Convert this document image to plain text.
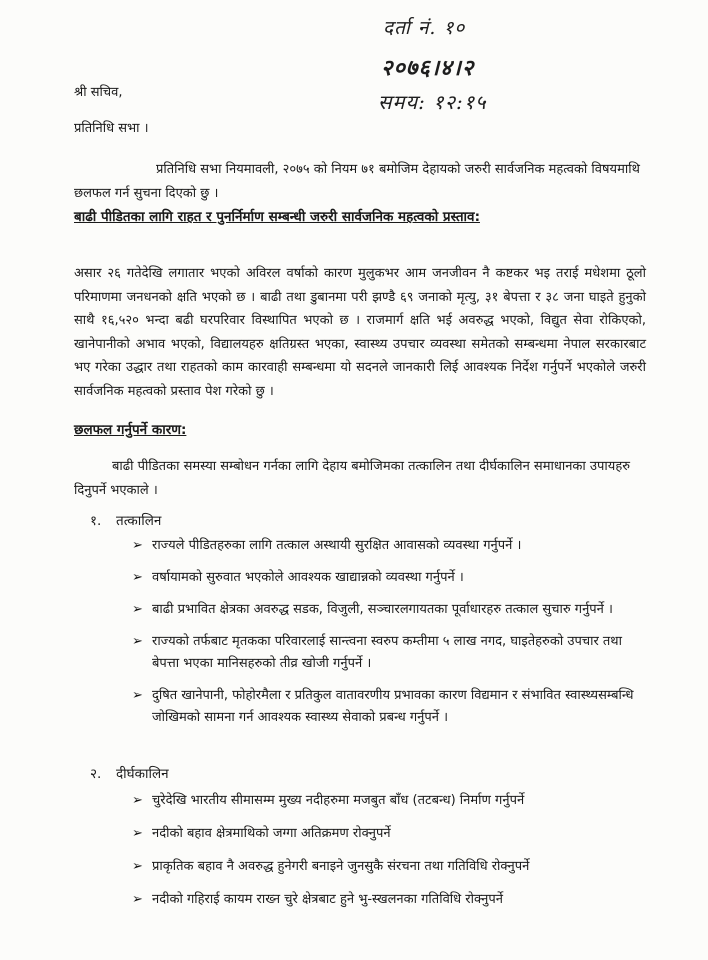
दर्ता नं. १०
२०७६।४।२
समय: १२:१५
श्री सचिव,
प्रतिनिधि सभा ।
प्रतिनिधि सभा नियमावली, २०७५ को नियम ७१ बमोजिम देहायको जरुरी सार्वजनिक महत्वको विषयमाथि छलफल गर्न सुचना दिएको छु ।
बाढी पीडितका लागि राहत र पुनर्निर्माण सम्बन्धी जरुरी सार्वजनिक महत्वको प्रस्ताव:
असार २६ गतेदेखि लगातार भएको अविरल वर्षाको कारण मुलुकभर आम जनजीवन नै कष्टकर भइ तराई मधेशमा ठूलो परिमाणमा जनधनको क्षति भएको छ । बाढी तथा डुबानमा परी झण्डै ६९ जनाको मृत्यु, ३१ बेपत्ता र ३८ जना घाइते हुनुको साथै १६,५२० भन्दा बढी घरपरिवार विस्थापित भएको छ । राजमार्ग क्षति भई अवरुद्ध भएको, विद्युत सेवा रोकिएको, खानेपानीको अभाव भएको, विद्यालयहरु क्षतिग्रस्त भएका, स्वास्थ्य उपचार व्यवस्था समेतको सम्बन्धमा नेपाल सरकारबाट भए गरेका उद्धार तथा राहतको काम कारवाही सम्बन्धमा यो सदनले जानकारी लिई आवश्यक निर्देश गर्नुपर्ने भएकोले जरुरी सार्वजनिक महत्वको प्रस्ताव पेश गरेको छु ।
छलफल गर्नुपर्ने कारण:
बाढी पीडितका समस्या सम्बोधन गर्नका लागि देहाय बमोजिमका तत्कालिन तथा दीर्घकालिन समाधानका उपायहरु दिनुपर्ने भएकाले ।
१. तत्कालिन
➢ राज्यले पीडितहरुका लागि तत्काल अस्थायी सुरक्षित आवासको व्यवस्था गर्नुपर्ने ।
➢ वर्षायामको सुरुवात भएकोले आवश्यक खाद्यान्नको व्यवस्था गर्नुपर्ने ।
➢ बाढी प्रभावित क्षेत्रका अवरुद्ध सडक, विजुली, सञ्चारलगायतका पूर्वाधारहरु तत्काल सुचारु गर्नुपर्ने ।
➢ राज्यको तर्फबाट मृतकका परिवारलाई सान्त्वना स्वरुप कम्तीमा ५ लाख नगद, घाइतेहरुको उपचार तथा बेपत्ता भएका मानिसहरुको तीव्र खोजी गर्नुपर्ने ।
➢ दुषित खानेपानी, फोहोरमैला र प्रतिकुल वातावरणीय प्रभावका कारण विद्यमान र संभावित स्वास्थ्यसम्बन्धि जोखिमको सामना गर्न आवश्यक स्वास्थ्य सेवाको प्रबन्ध गर्नुपर्ने ।
२. दीर्घकालिन
➢ चुरेदेखि भारतीय सीमासम्म मुख्य नदीहरुमा मजबुत बाँध (तटबन्ध) निर्माण गर्नुपर्ने
➢ नदीको बहाव क्षेत्रमाथिको जग्गा अतिक्रमण रोक्नुपर्ने
➢ प्राकृतिक बहाव नै अवरुद्ध हुनेगरी बनाइने जुनसुकै संरचना तथा गतिविधि रोक्नुपर्ने
➢ नदीको गहिराई कायम राख्न चुरे क्षेत्रबाट हुने भु-स्खलनका गतिविधि रोक्नुपर्ने
